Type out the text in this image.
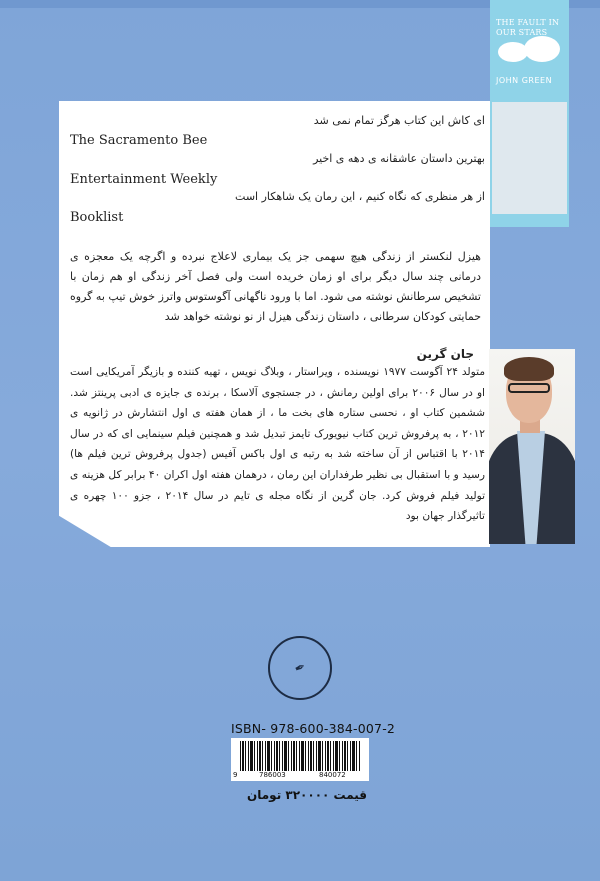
THE FAULT IN OUR STARS
JOHN GREEN
ای کاش این کتاب هرگز تمام نمی شد
The Sacramento Bee
بهترین داستان عاشقانه ی دهه ی اخیر
Entertainment Weekly
از هر منظری که نگاه کنیم ، این رمان یک شاهکار است
Booklist
هیزل لنکستر از زندگی هیچ سهمی جز یک بیماری لاعلاج نبرده و اگرچه یک معجزه ی درمانی چند سال دیگر برای او زمان خریده است ولی فصل آخر زندگی او هم زمان با تشخیص سرطانش نوشته می شود. اما با ورود ناگهانی آگوستوس واترز خوش تیپ به گروه حمایتی کودکان سرطانی ، داستان زندگی هیزل از نو نوشته خواهد شد
جان گرین
متولد ۲۴ آگوست ۱۹۷۷ نویسنده ، ویراستار ، وبلاگ نویس ، تهیه کننده و بازیگر آمریکایی است او در سال ۲۰۰۶ برای اولین رمانش ، در جستجوی آلاسکا ، برنده ی جایزه ی ادبی پرینتز شد. ششمین کتاب او ، نحسی ستاره های بخت ما ، از همان هفته ی اول انتشارش در ژانویه ی ۲۰۱۲ ، به پرفروش ترین کتاب نیویورک تایمز تبدیل شد و همچنین فیلم سینمایی ای که در سال ۲۰۱۴ با اقتباس از آن ساخته شد به رتبه ی اول باکس آفیس (جدول پرفروش ترین فیلم ها) رسید و با استقبال بی نظیر طرفداران این رمان ، درهمان هفته اول اکران ۴۰ برابر کل هزینه ی تولید فیلم فروش کرد. جان گرین از نگاه مجله ی تایم در سال ۲۰۱۴ ، جزو ۱۰۰ چهره ی تاثیرگذار جهان بود
✒
ISBN- 978-600-384-007-2
9	786003	840072
قیمت ۳۲۰۰۰۰ تومان
